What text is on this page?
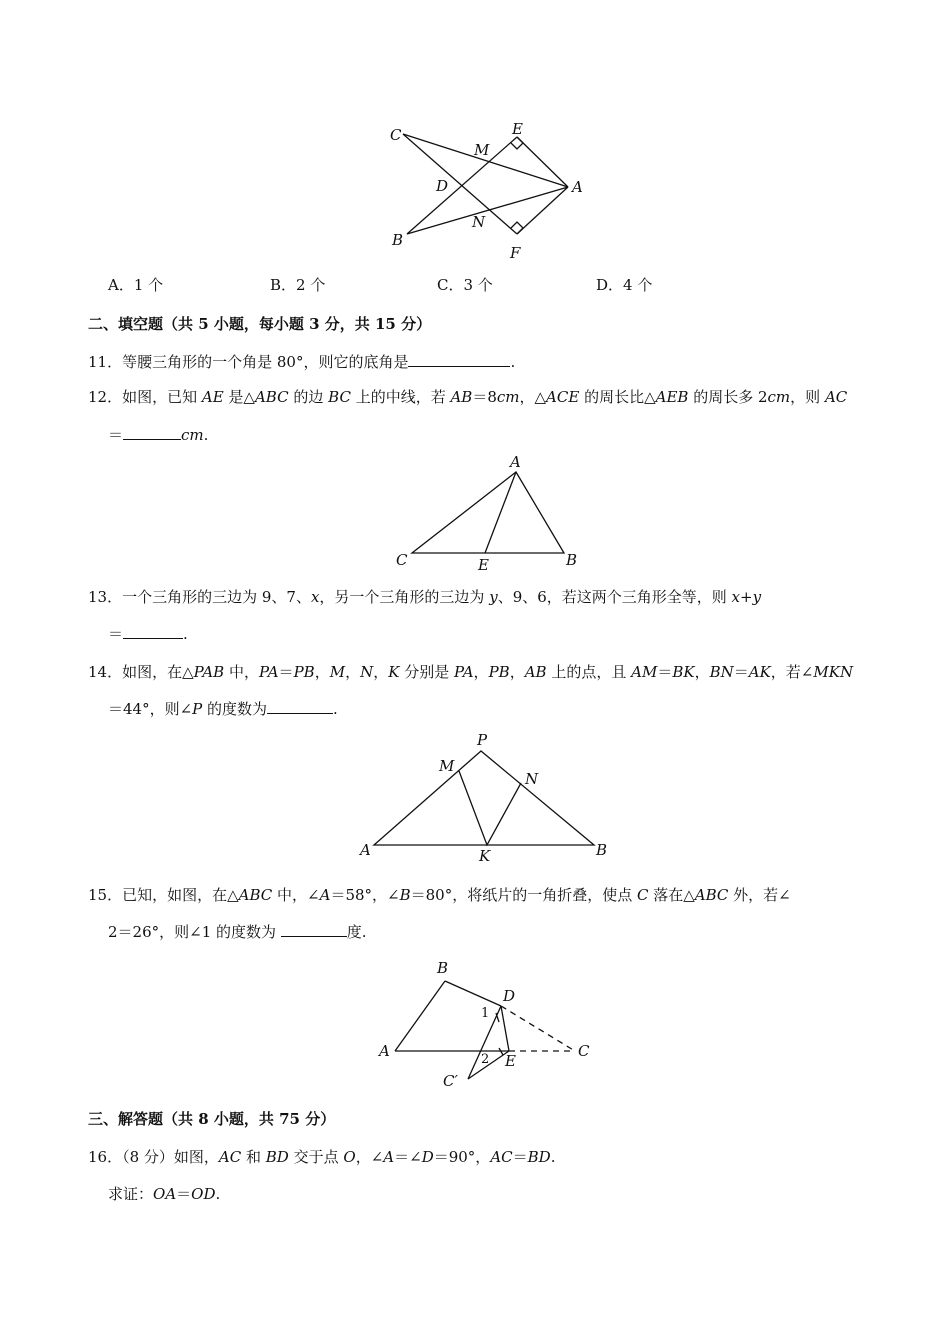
C	E
M
D	A
N
B
F
A．1 个	B．2 个	C．3 个	D．4 个
二、填空题（共 5 小题，每小题 3 分，共 15 分）
11．等腰三角形的一个角是 80°，则它的底角是	.
12．如图，已知 AE 是△ABC 的边 BC 上的中线，若 AB＝8cm，△ACE 的周长比△AEB 的周长多 2cm，则 AC
＝	cm.
A
C	E	B
13．一个三角形的三边为 9、7、x，另一个三角形的三边为 y、9、6，若这两个三角形全等，则 x+y
＝	.
14．如图，在△PAB 中，PA＝PB，M，N，K 分别是 PA，PB，AB 上的点，且 AM＝BK，BN＝AK，若∠MKN
＝44°，则∠P 的度数为	.
P
M
N
A	K	B
15．已知，如图，在△ABC 中，∠A＝58°，∠B＝80°，将纸片的一角折叠，使点 C 落在△ABC 外，若∠
2＝26°，则∠1 的度数为	度.
B
D
1
A	2 E
C
C′
三、解答题（共 8 小题，共 75 分）
16．（8 分）如图，AC 和 BD 交于点 O，∠A＝∠D＝90°，AC＝BD.
求证：OA＝OD.
